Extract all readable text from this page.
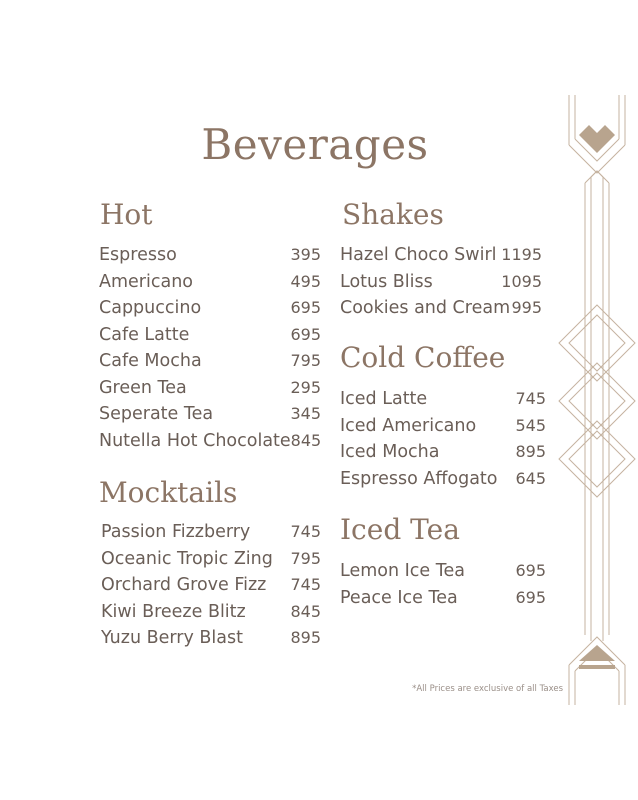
Beverages
Hot
Espresso	395
Americano	495
Cappuccino	695
Cafe Latte	695
Cafe Mocha	795
Green Tea	295
Seperate Tea	345
Nutella Hot Chocolate 845
Mocktails
Passion Fizzberry	745
Oceanic Tropic Zing 795
Orchard Grove Fizz 745
Kiwi Breeze Blitz	845
Yuzu Berry Blast	895
Shakes
Hazel Choco Swirl 1195
Lotus Bliss	1095
Cookies and Cream 995
Cold Coffee
Iced Latte	745
Iced Americano 545
Iced Mocha	895
Espresso Affogato 645
Iced Tea
Lemon Ice Tea	695
Peace Ice Tea	695
*All Prices are exclusive of all Taxes
